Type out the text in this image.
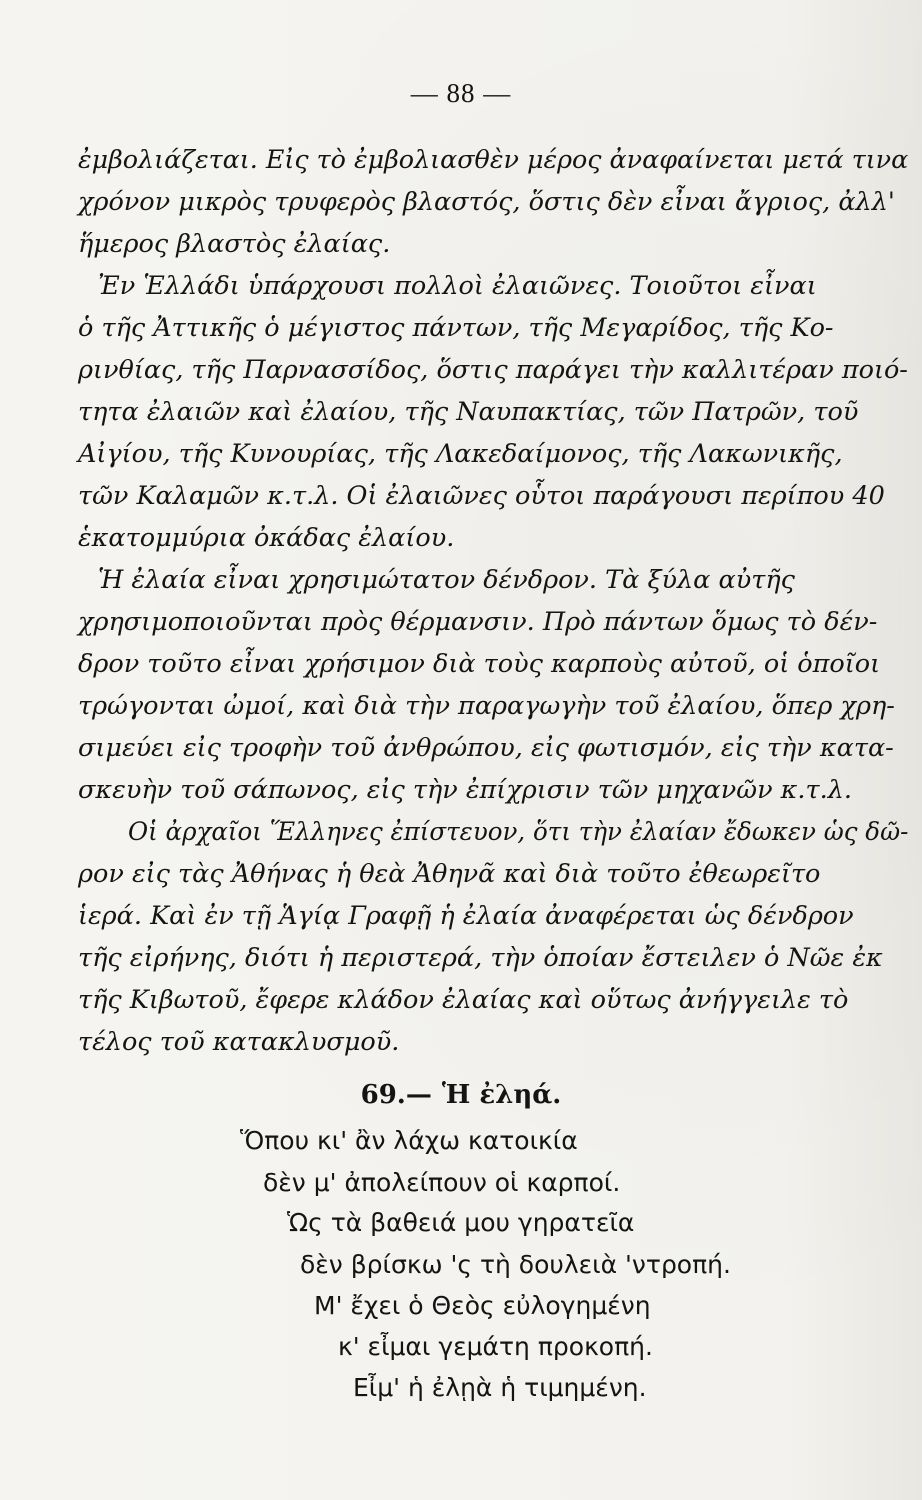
— 88 —
ἐμβολιάζεται. Εἰς τὸ ἐμβολιασθὲν μέρος ἀναφαίνεται μετά τινα
χρόνον μικρὸς τρυφερὸς βλαστός, ὅστις δὲν εἶναι ἄγριος, ἀλλ'
ἥμερος βλαστὸς ἐλαίας.
Ἐν Ἑλλάδι ὑπάρχουσι πολλοὶ ἐλαιῶνες. Τοιοῦτοι εἶναι
ὁ τῆς Ἀττικῆς ὁ μέγιστος πάντων, τῆς Μεγαρίδος, τῆς Κο-
ρινθίας, τῆς Παρνασσίδος, ὅστις παράγει τὴν καλλιτέραν ποιό-
τητα ἐλαιῶν καὶ ἐλαίου, τῆς Ναυπακτίας, τῶν Πατρῶν, τοῦ
Αἰγίου, τῆς Κυνουρίας, τῆς Λακεδαίμονος, τῆς Λακωνικῆς,
τῶν Καλαμῶν κ.τ.λ. Οἱ ἐλαιῶνες οὗτοι παράγουσι περίπου 40
ἑκατομμύρια ὀκάδας ἐλαίου.
Ἡ ἐλαία εἶναι χρησιμώτατον δένδρον. Τὰ ξύλα αὐτῆς
χρησιμοποιοῦνται πρὸς θέρμανσιν. Πρὸ πάντων ὅμως τὸ δέν-
δρον τοῦτο εἶναι χρήσιμον διὰ τοὺς καρποὺς αὐτοῦ, οἱ ὁποῖοι
τρώγονται ὠμοί, καὶ διὰ τὴν παραγωγὴν τοῦ ἐλαίου, ὅπερ χρη-
σιμεύει εἰς τροφὴν τοῦ ἀνθρώπου, εἰς φωτισμόν, εἰς τὴν κατα-
σκευὴν τοῦ σάπωνος, εἰς τὴν ἐπίχρισιν τῶν μηχανῶν κ.τ.λ.
Οἱ ἀρχαῖοι Ἕλληνες ἐπίστευον, ὅτι τὴν ἐλαίαν ἔδωκεν ὡς δῶ-
ρον εἰς τὰς Ἀθήνας ἡ θεὰ Ἀθηνᾶ καὶ διὰ τοῦτο ἐθεωρεῖτο
ἱερά. Καὶ ἐν τῇ Ἁγίᾳ Γραφῇ ἡ ἐλαία ἀναφέρεται ὡς δένδρον
τῆς εἰρήνης, διότι ἡ περιστερά, τὴν ὁποίαν ἔστειλεν ὁ Νῶε ἐκ
τῆς Κιβωτοῦ, ἔφερε κλάδον ἐλαίας καὶ οὕτως ἀνήγγειλε τὸ
τέλος τοῦ κατακλυσμοῦ.
69.— Ἡ ἐληά.
Ὅπου κι' ἂν λάχω κατοικία
δὲν μ' ἀπολείπουν οἱ καρποί.
Ὡς τὰ βαθειά μου γηρατεῖα
δὲν βρίσκω 'ς τὴ δουλειὰ 'ντροπή.
Μ' ἔχει ὁ Θεὸς εὐλογημένη
κ' εἶμαι γεμάτη προκοπή.
Εἶμ' ἡ ἐλῃὰ ἡ τιμημένη.
